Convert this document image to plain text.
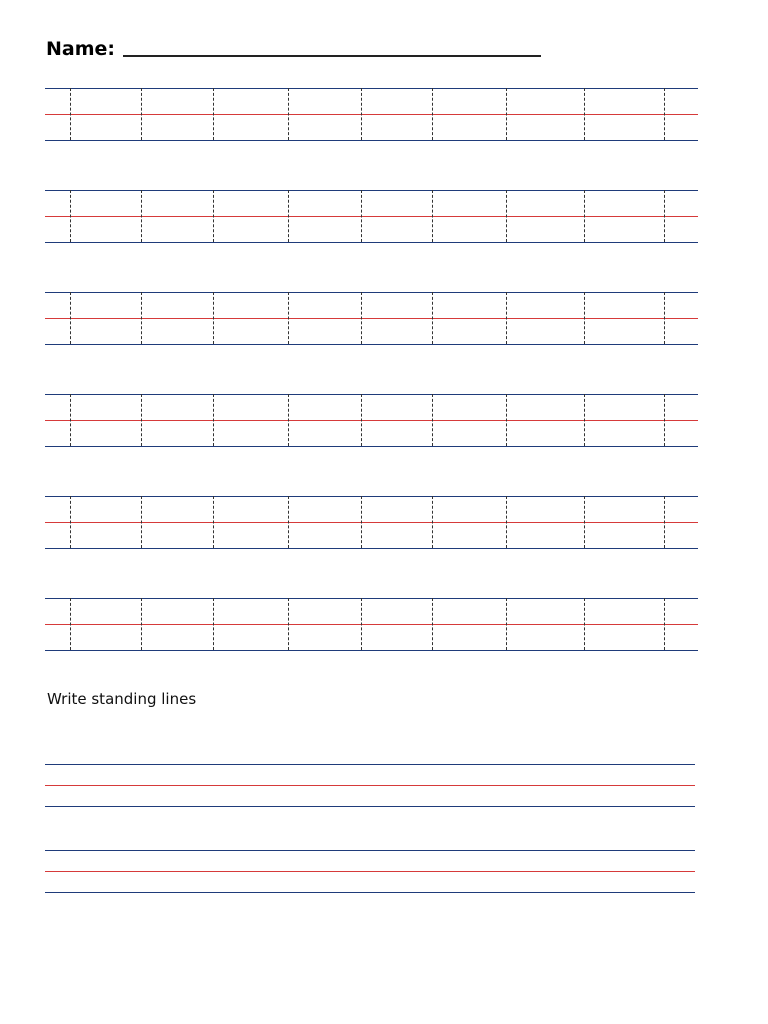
Name:
Write standing lines
